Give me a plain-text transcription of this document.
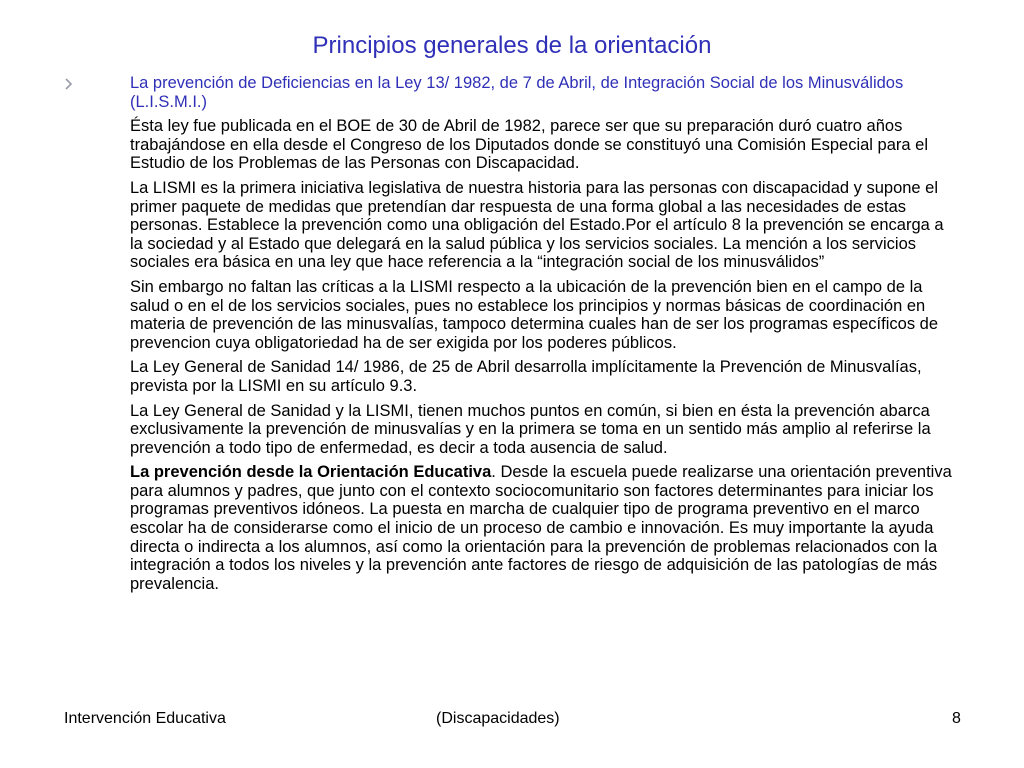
Principios generales de la orientación

La prevención de Deficiencias en la Ley 13/ 1982, de 7 de Abril, de Integración Social de los Minusválidos (L.I.S.M.I.)

Ésta ley fue publicada en el BOE de 30 de Abril de 1982, parece ser que su preparación duró cuatro años trabajándose en ella desde el Congreso de los Diputados donde se constituyó una Comisión Especial para el Estudio de los Problemas de las Personas con Discapacidad.

La LISMI es la primera iniciativa legislativa de nuestra historia para las personas con discapacidad y supone el primer paquete de medidas que pretendían dar respuesta de una forma global a las necesidades de estas personas. Establece la prevención como una obligación del Estado.Por el artículo 8 la prevención se encarga a la sociedad y al Estado que delegará en la salud pública y los servicios sociales. La mención a los servicios sociales era básica en una ley que hace referencia a la “integración social de los minusválidos”

Sin embargo no faltan las críticas a la LISMI respecto a la ubicación de la prevención bien en el campo de la salud o en el de los servicios sociales, pues no establece los principios y normas básicas de coordinación en materia de prevención de las minusvalías, tampoco determina cuales han de ser los programas específicos de prevencion cuya obligatoriedad ha de ser exigida por los poderes públicos.

La Ley General de Sanidad 14/ 1986, de 25 de Abril desarrolla implícitamente la Prevención de Minusvalías, prevista por la LISMI en su artículo 9.3.

La Ley General de Sanidad y la LISMI, tienen muchos puntos en común, si bien en ésta la prevención abarca exclusivamente la prevención de minusvalías y en la primera se toma en un sentido más amplio al referirse la prevención a todo tipo de enfermedad, es decir a toda ausencia de salud.

La prevención desde la Orientación Educativa. Desde la escuela puede realizarse una orientación preventiva para alumnos y padres, que junto con el contexto sociocomunitario son factores determinantes para iniciar los programas preventivos idóneos. La puesta en marcha de cualquier tipo de programa preventivo en el marco escolar ha de considerarse como el inicio de un proceso de cambio e innovación. Es muy importante la ayuda directa o indirecta a los alumnos, así como la orientación para la prevención de problemas relacionados con la integración a todos los niveles y la prevención ante factores de riesgo de adquisición de las patologías de más prevalencia.

Intervención Educativa	(Discapacidades)	8
